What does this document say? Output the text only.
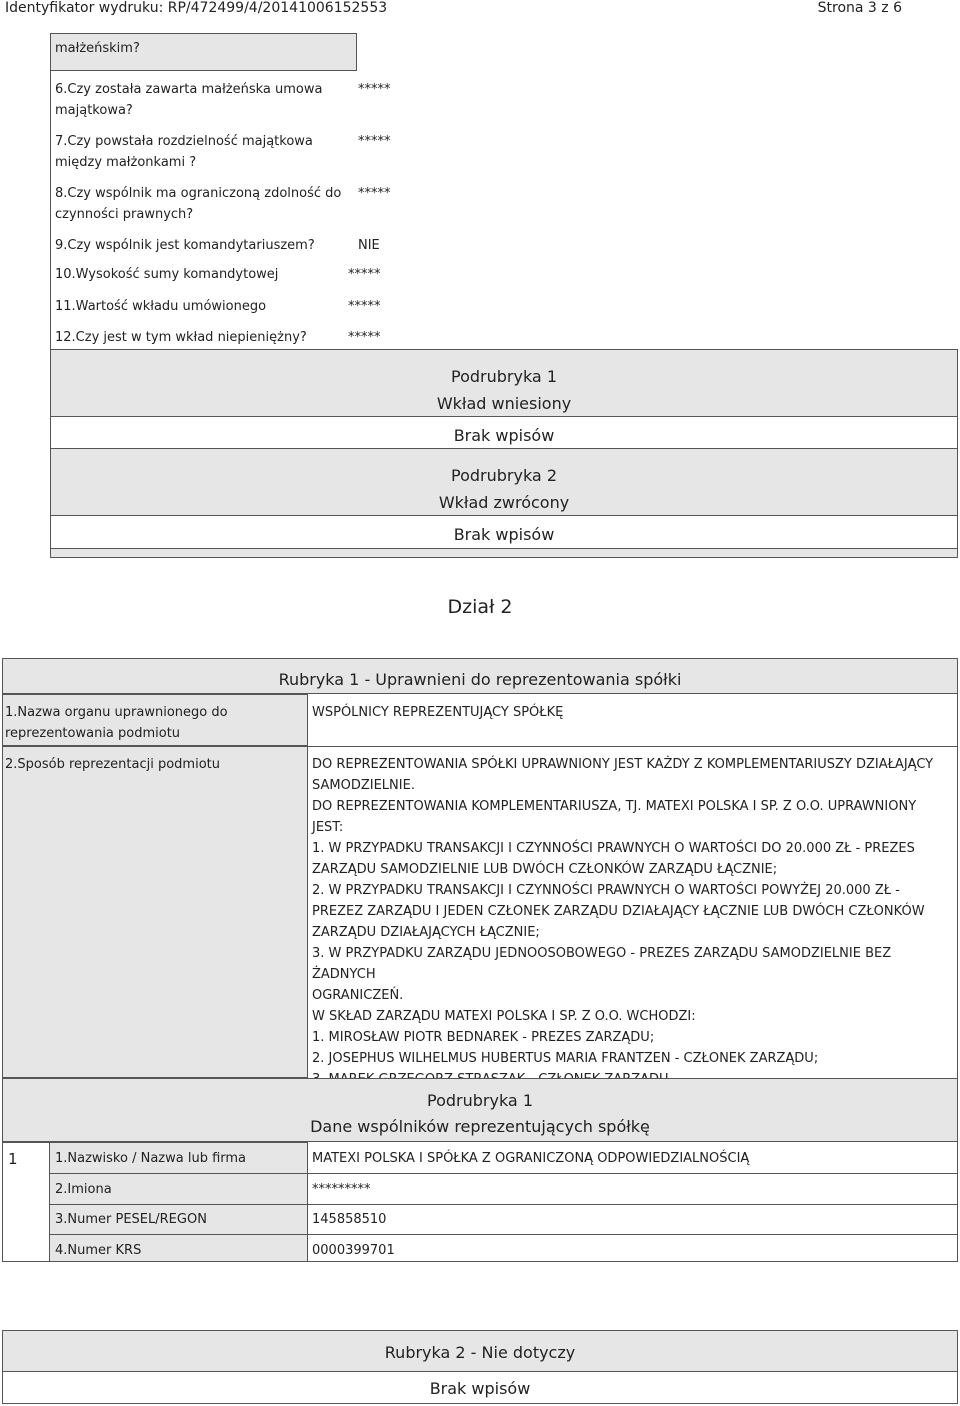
Identyfikator wydruku: RP/472499/4/20141006152553	Strona 3 z 6
małżeńskim?
6.Czy została zawarta małżeńska umowa
majątkowa?
*****
7.Czy powstała rozdzielność majątkowa
między małżonkami ?
*****
8.Czy wspólnik ma ograniczoną zdolność do
czynności prawnych?
*****
9.Czy wspólnik jest komandytariuszem?	NIE
10.Wysokość sumy komandytowej	*****
11.Wartość wkładu umówionego	*****
12.Czy jest w tym wkład niepieniężny?	*****
Podrubryka 1
Wkład wniesiony
Brak wpisów
Podrubryka 2
Wkład zwrócony
Brak wpisów
Dział 2
Rubryka 1 - Uprawnieni do reprezentowania spółki
1.Nazwa organu uprawnionego do
reprezentowania podmiotu
WSPÓLNICY REPREZENTUJĄCY SPÓŁKĘ
2.Sposób reprezentacji podmiotu	DO REPREZENTOWANIA SPÓŁKI UPRAWNIONY JEST KAŻDY Z KOMPLEMENTARIUSZY DZIAŁAJĄCY
SAMODZIELNIE.
DO REPREZENTOWANIA KOMPLEMENTARIUSZA, TJ. MATEXI POLSKA I SP. Z O.O. UPRAWNIONY
JEST:
1. W PRZYPADKU TRANSAKCJI I CZYNNOŚCI PRAWNYCH O WARTOŚCI DO 20.000 ZŁ - PREZES
ZARZĄDU SAMODZIELNIE LUB DWÓCH CZŁONKÓW ZARZĄDU ŁĄCZNIE;
2. W PRZYPADKU TRANSAKCJI I CZYNNOŚCI PRAWNYCH O WARTOŚCI POWYŻEJ 20.000 ZŁ -
PREZEZ ZARZĄDU I JEDEN CZŁONEK ZARZĄDU DZIAŁAJĄCY ŁĄCZNIE LUB DWÓCH CZŁONKÓW
ZARZĄDU DZIAŁAJĄCYCH ŁĄCZNIE;
3. W PRZYPADKU ZARZĄDU JEDNOOSOBOWEGO - PREZES ZARZĄDU SAMODZIELNIE BEZ ŻADNYCH
OGRANICZEŃ.
W SKŁAD ZARZĄDU MATEXI POLSKA I SP. Z O.O. WCHODZI:
1. MIROSŁAW PIOTR BEDNAREK - PREZES ZARZĄDU;
2. JOSEPHUS WILHELMUS HUBERTUS MARIA FRANTZEN - CZŁONEK ZARZĄDU;
Podrubryka 1
Dane wspólników reprezentujących spółkę
1	1.Nazwisko / Nazwa lub firma	MATEXI POLSKA I SPÓŁKA Z OGRANICZONĄ ODPOWIEDZIALNOŚCIĄ
2.Imiona	*********
3.Numer PESEL/REGON	145858510
4.Numer KRS	0000399701
Rubryka 2 - Nie dotyczy
Brak wpisów
